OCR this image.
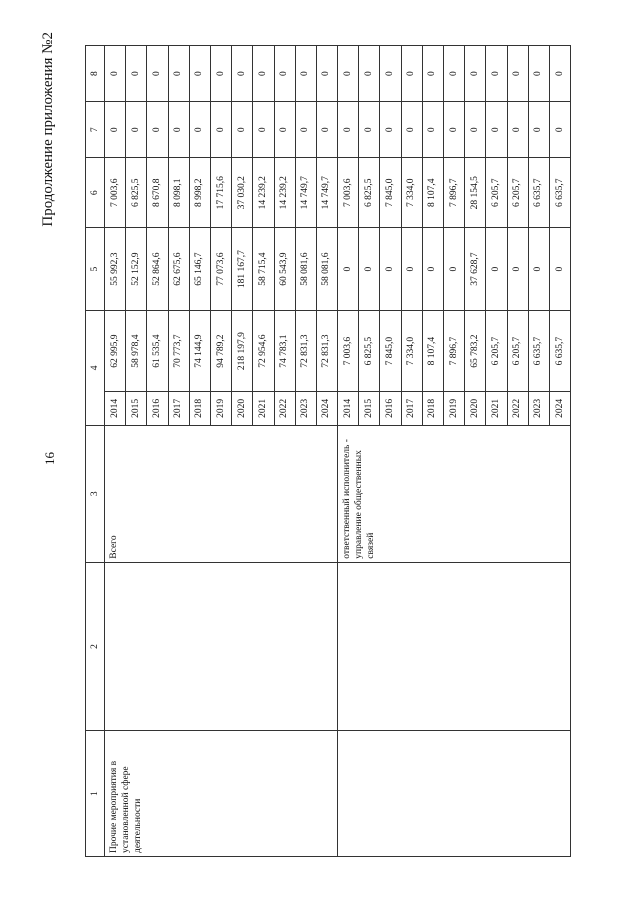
16
Продолжение приложения №2
1	2	3	4		5	6	7	8
Прочие мероприятия в установленной сфере деятельности		Всего	2014	62 995,9	55 992,3	7 003,6	0	0
			2015	58 978,4	52 152,9	6 825,5	0	0
			2016	61 535,4	52 864,6	8 670,8	0	0
			2017	70 773,7	62 675,6	8 098,1	0	0
			2018	74 144,9	65 146,7	8 998,2	0	0
			2019	94 789,2	77 073,6	17 715,6	0	0
			2020	218 197,9	181 167,7	37 030,2	0	0
			2021	72 954,6	58 715,4	14 239,2	0	0
			2022	74 783,1	60 543,9	14 239,2	0	0
			2023	72 831,3	58 081,6	14 749,7	0	0
			2024	72 831,3	58 081,6	14 749,7	0	0
		ответственный исполнитель - управление общественных связей	2014	7 003,6	0	7 003,6	0	0
			2015	6 825,5	0	6 825,5	0	0
			2016	7 845,0	0	7 845,0	0	0
			2017	7 334,0	0	7 334,0	0	0
			2018	8 107,4	0	8 107,4	0	0
			2019	7 896,7	0	7 896,7	0	0
			2020	65 783,2	37 628,7	28 154,5	0	0
			2021	6 205,7	0	6 205,7	0	0
			2022	6 205,7	0	6 205,7	0	0
			2023	6 635,7	0	6 635,7	0	0
			2024	6 635,7	0	6 635,7	0	0
